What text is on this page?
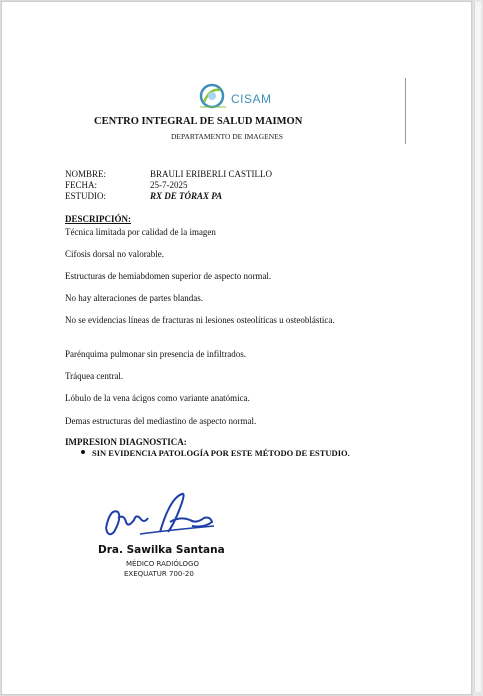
CISAM
CENTRO INTEGRAL DE SALUD MAIMON
DEPARTAMENTO DE IMAGENES
NOMBRE:	BRAULI ERIBERLI CASTILLO
FECHA:	25-7-2025
ESTUDIO:	RX DE TÓRAX PA
DESCRIPCIÓN:
Técnica limitada por calidad de la imagen
Cifosis dorsal no valorable.
Estructuras de hemiabdomen superior de aspecto normal.
No hay alteraciones de partes blandas.
No se evidencias líneas de fracturas ni lesiones osteolíticas u osteoblástica.
Parénquima pulmonar sin presencia de infiltrados.
Tráquea central.
Lóbulo de la vena ácigos como variante anatómica.
Demas estructuras del mediastino de aspecto normal.
IMPRESION DIAGNOSTICA:
SIN EVIDENCIA PATOLOGÍA POR ESTE MÉTODO DE ESTUDIO.
Dra. Sawilka Santana
MÉDICO RADIÓLOGO
EXEQUATUR 700-20
